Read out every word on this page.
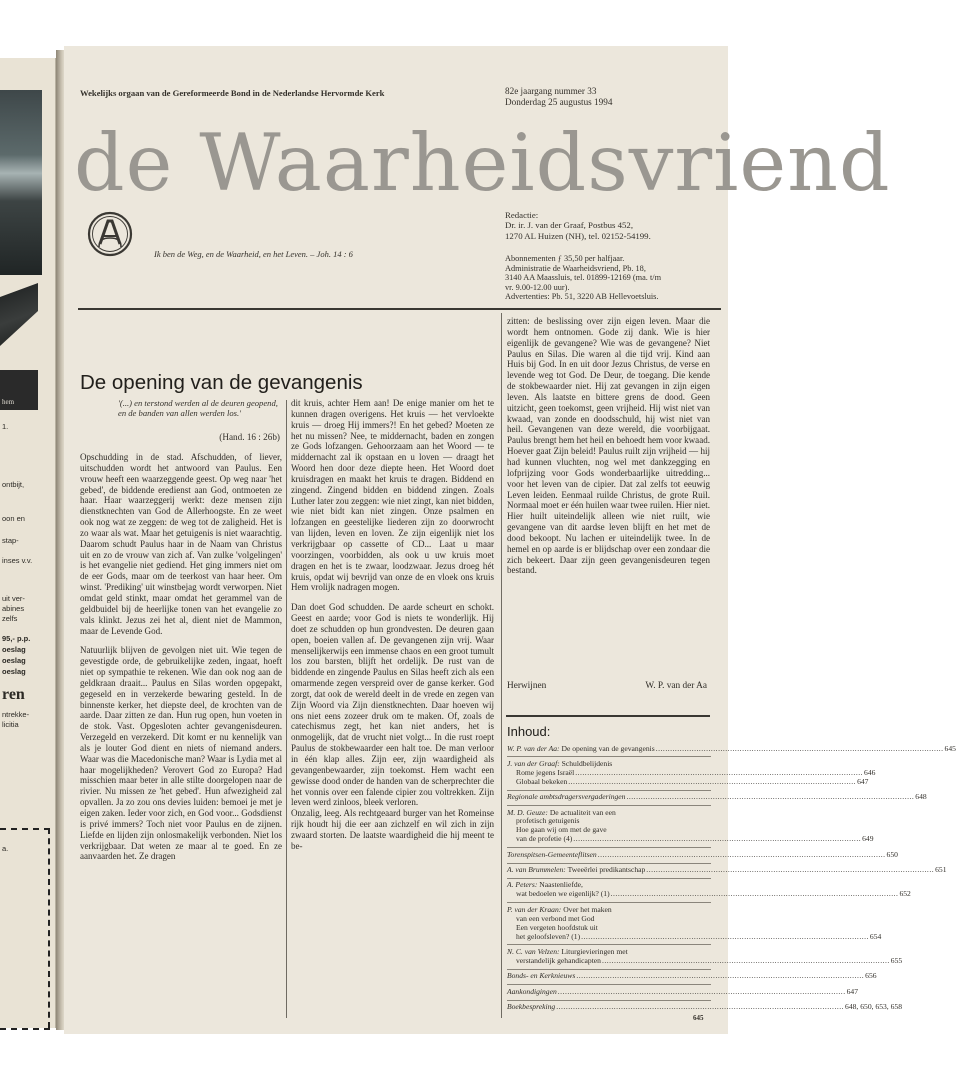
hem
1.
ontbijt,
oon en
stap-
inses v.v.
uit ver-
abines
zelfs
95,- p.p.
oeslag
oeslag
oeslag
ren
ntrekke-
licitia
a.
Wekelijks orgaan van de Gereformeerde Bond in de Nederlandse Hervormde Kerk	82e jaargang nummer 33
Donderdag 25 augustus 1994
de Waarheidsvriend
Ik ben de Weg, en de Waarheid, en het Leven. – Joh. 14 : 6
Redactie:
Dr. ir. J. van der Graaf, Postbus 452,
1270 AL Huizen (NH), tel. 02152-54199.
Abonnementen ƒ 35,50 per halfjaar.
Administratie de Waarheidsvriend, Pb. 18,
3140 AA Maassluis, tel. 01899-12169 (ma. t/m
vr. 9.00-12.00 uur).
Advertenties: Pb. 51, 3220 AB Hellevoetsluis.
De opening van de gevangenis
'(...) en terstond werden al de deuren geopend, en de banden van allen werden los.'
(Hand. 16 : 26b)

Opschudding in de stad. Afschudden, of liever, uitschudden wordt het antwoord van Paulus. Een vrouw heeft een waarzeggende geest. Op weg naar 'het gebed', de biddende eredienst aan God, ontmoeten ze haar. Haar waarzeggerij werkt: deze mensen zijn dienstknechten van God de Allerhoogste. En ze weet ook nog wat ze zeggen: de weg tot de zaligheid. Het is zo waar als wat. Maar het getuigenis is niet waarachtig. Daarom schudt Paulus haar in de Naam van Christus uit en zo de vrouw van zich af. Van zulke 'volgelingen' is het evangelie niet gediend. Het ging immers niet om de eer Gods, maar om de teerkost van haar heer. Om winst. 'Prediking' uit winstbejag wordt verworpen. Niet omdat geld stinkt, maar omdat het gerammel van de geldbuidel bij de heerlijke tonen van het evangelie zo vals klinkt. Jezus zei het al, dient niet de Mammon, maar de Levende God.

Natuurlijk blijven de gevolgen niet uit. Wie tegen de gevestigde orde, de gebruikelijke zeden, ingaat, hoeft niet op sympathie te rekenen. Wie dan ook nog aan de geldkraan draait... Paulus en Silas worden opgepakt, gegeseld en in verzekerde bewaring gesteld. In de binnenste kerker, het diepste deel, de krochten van de aarde. Daar zitten ze dan. Hun rug open, hun voeten in de stok. Vast. Opgesloten achter gevangenisdeuren. Verzegeld en verzekerd. Dit komt er nu kennelijk van als je louter God dient en niets of niemand anders. Waar was die Macedonische man? Waar is Lydia met al haar mogelijkheden? Verovert God zo Europa? Had misschien maar beter in alle stilte doorgelopen naar de rivier. Nu missen ze 'het gebed'. Hun afwezigheid zal opvallen. Ja zo zou ons devies luiden: bemoei je met je eigen zaken. Ieder voor zich, en God voor... Godsdienst is privé immers? Toch niet voor Paulus en de zijnen. Liefde en lijden zijn onlosmakelijk verbonden. Niet los verkrijgbaar. Dat weten ze maar al te goed. En ze aanvaarden het. Ze dragen

dit kruis, achter Hem aan! De enige manier om het te kunnen dragen overigens. Het kruis — het vervloekte kruis — droeg Hij immers?! En het gebed? Moeten ze het nu missen? Nee, te middernacht, baden en zongen ze Gods lofzangen. Gehoorzaam aan het Woord — te middernacht zal ik opstaan en u loven — draagt het Woord hen door deze diepte heen. Het Woord doet kruisdragen en maakt het kruis te dragen. Biddend en zingend. Zingend bidden en biddend zingen. Zoals Luther later zou zeggen: wie niet zingt, kan niet bidden, wie niet bidt kan niet zingen. Onze psalmen en lofzangen en geestelijke liederen zijn zo doorwrocht van lijden, leven en loven. Ze zijn eigenlijk niet los verkrijgbaar op cassette of CD... Laat u maar voorzingen, voorbidden, als ook u uw kruis moet dragen en het is te zwaar, loodzwaar. Jezus droeg hét kruis, opdat wij bevrijd van onze de en vloek ons kruis Hem vrolijk nadragen mogen.

Dan doet God schudden. De aarde scheurt en schokt. Geest en aarde; voor God is niets te wonderlijk. Hij doet ze schudden op hun grondvesten. De deuren gaan open, boeien vallen af. De gevangenen zijn vrij. Waar menselijkerwijs een immense chaos en een groot tumult los zou barsten, blijft het ordelijk. De rust van de biddende en zingende Paulus en Silas heeft zich als een omarmende zegen verspreid over de ganse kerker. God zorgt, dat ook de wereld deelt in de vrede en zegen van Zijn Woord via Zijn dienstknechten. Daar hoeven wij ons niet eens zozeer druk om te maken. Of, zoals de catechismus zegt, het kan niet anders, het is onmogelijk, dat de vrucht niet volgt... In die rust roept Paulus de stokbewaarder een halt toe. De man verloor in één klap alles. Zijn eer, zijn waardigheid als gevangenbewaarder, zijn toekomst. Hem wacht een gewisse dood onder de handen van de scherprechter die het vonnis over een falende cipier zou voltrekken. Zijn leven werd zinloos, bleek verloren.

Onzalig, leeg. Als rechtgeaard burger van het Romeinse rijk houdt hij die eer aan zichzelf en wil zich in zijn zwaard storten. De laatste waardigheid die hij meent te be-

zitten: de beslissing over zijn eigen leven. Maar die wordt hem ontnomen. Gode zij dank. Wie is hier eigenlijk de gevangene? Wie was de gevangene? Niet Paulus en Silas. Die waren al die tijd vrij. Kind aan Huis bij God. In en uit door Jezus Christus, de verse en levende weg tot God. De Deur, de toegang. Die kende de stokbewaarder niet. Hij zat gevangen in zijn eigen leven. Als laatste en bittere grens de dood. Geen uitzicht, geen toekomst, geen vrijheid. Hij wist niet van kwaad, van zonde en doodsschuld, hij wist niet van heil. Gevangenen van deze wereld, die voorbijgaat. Paulus brengt hem het heil en behoedt hem voor kwaad.

Hoever gaat Zijn beleid! Paulus ruilt zijn vrijheid — hij had kunnen vluchten, nog wel met dankzegging en lofprijzing voor Gods wonderbaarlijke uitredding... voor het leven van de cipier. Dat zal zelfs tot eeuwig Leven leiden. Eenmaal ruilde Christus, de grote Ruil. Normaal moet er één huilen waar twee ruilen. Hier niet. Hier huilt uiteindelijk alleen wie niet ruilt, wie gevangene van dit aardse leven blijft en het met de dood bekoopt. Nu lachen er uiteindelijk twee. In de hemel en op aarde is er blijdschap over een zondaar die zich bekeert. Daar zijn geen gevangenisdeuren tegen bestand.

Herwijnen	W. P. van der Aa
Inhoud:
W. P. van der Aa: De opening van de gevangenis .....	645
J. van der Graaf: Schuldbelijdenis
Rome jegens Israël .....	646
Globaal bekeken .....	647
Regionale ambtsdragersvergaderingen .....	648
M. D. Geuze: De actualiteit van een
profetisch getuigenis
Hoe gaan wij om met de gave
van de profetie (4) .....	649
Torenspitsen-Gemeenteflitsen .....	650
A. van Brummelen: Tweeërlei predikantschap .....	651
A. Peters: Naastenliefde,
wat bedoelen we eigenlijk? (1) .....	652
P. van der Kraan: Over het maken
van een verbond met God
Een vergeten hoofdstuk uit
het geloofsleven? (1) .....	654
N. C. van Velzen: Liturgievieringen met
verstandelijk gehandicapten .....	655
Bonds- en Kerknieuws .....	656
Aankondigingen .....	647
Boekbespreking .....	648, 650, 653, 658
645
